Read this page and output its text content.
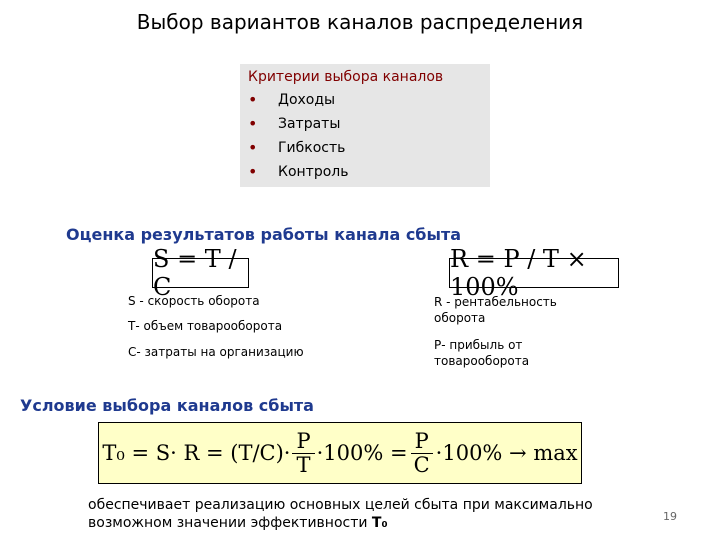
Выбор вариантов каналов распределения
Критерии выбора каналов
•	Доходы
•	Затраты
•	Гибкость
•	Контроль
Оценка результатов работы канала сбыта
S = T / C
R = P / T × 100%
S - скорость оборота
Т- объем товарооборота
С- затраты на организацию
R - рентабельность оборота
Р- прибыль от товарооборота
Условие выбора каналов сбыта
$T_0 = S\cdot R = (T/C)\cdot \frac{P}{T} \cdot 100\% = \frac{P}{C} \cdot 100\% \to \max$
обеспечивает реализацию основных целей сбыта при максимально возможном значении эффективности Т₀	19
